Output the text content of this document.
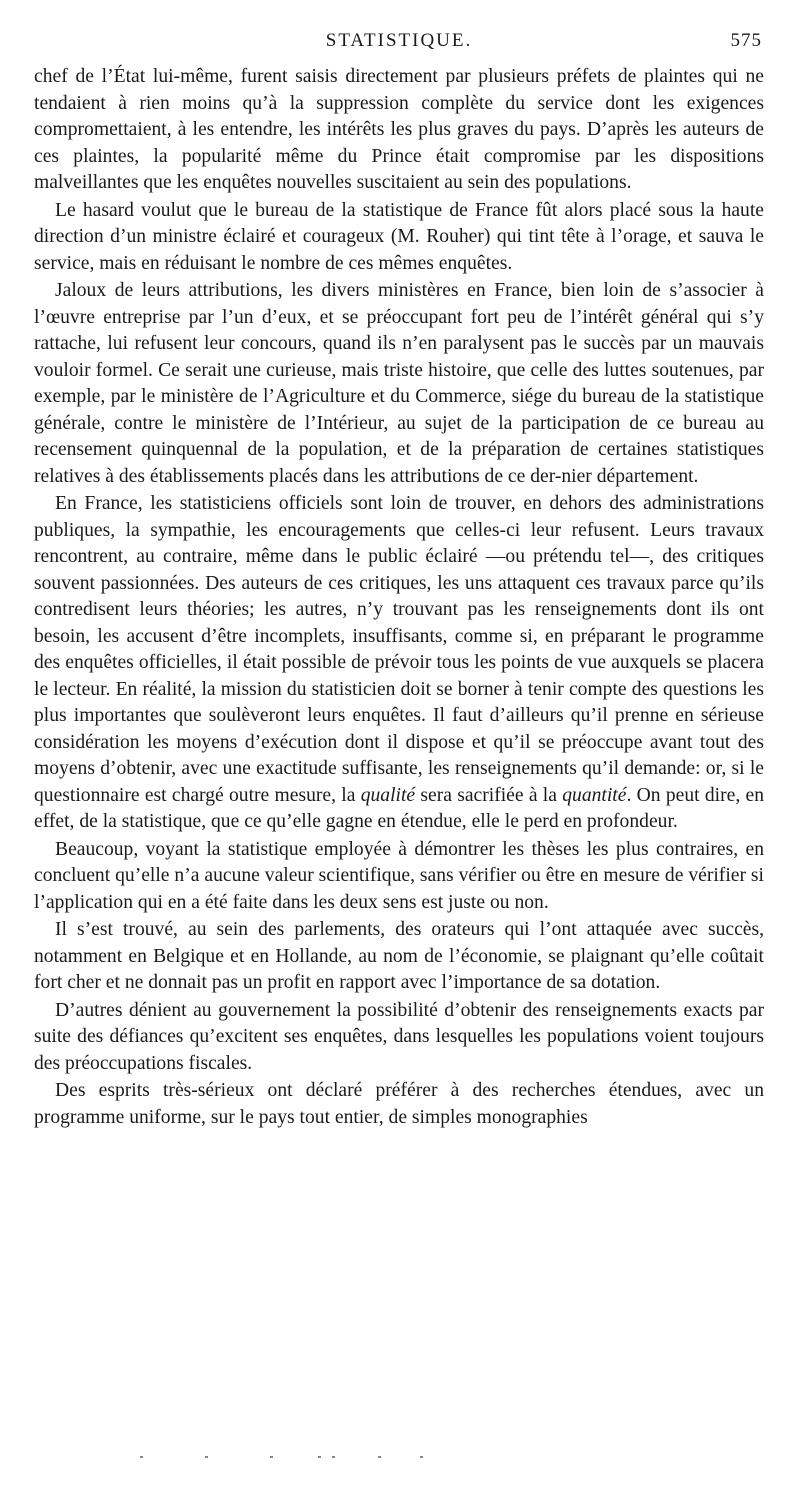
STATISTIQUE.	575

chef de l’État lui-même, furent saisis directement par plusieurs préfets de plaintes qui ne tendaient à rien moins qu’à la suppression complète du service dont les exigences compromettaient, à les entendre, les intérêts les plus graves du pays. D’après les auteurs de ces plaintes, la popularité même du Prince était compromise par les dispositions malveillantes que les enquêtes nouvelles suscitaient au sein des populations.

Le hasard voulut que le bureau de la statistique de France fût alors placé sous la haute direction d’un ministre éclairé et courageux (M. Rouher) qui tint tête à l’orage, et sauva le service, mais en réduisant le nombre de ces mêmes enquêtes.

Jaloux de leurs attributions, les divers ministères en France, bien loin de s’associer à l’œuvre entreprise par l’un d’eux, et se préoccupant fort peu de l’intérêt général qui s’y rattache, lui refusent leur concours, quand ils n’en paralysent pas le succès par un mauvais vouloir formel. Ce serait une curieuse, mais triste histoire, que celle des luttes soutenues, par exemple, par le ministère de l’Agriculture et du Commerce, siége du bureau de la statistique générale, contre le ministère de l’Intérieur, au sujet de la participation de ce bureau au recensement quinquennal de la population, et de la préparation de certaines statistiques relatives à des établissements placés dans les attributions de ce der-nier département.

En France, les statisticiens officiels sont loin de trouver, en dehors des administrations publiques, la sympathie, les encouragements que celles-ci leur refusent. Leurs travaux rencontrent, au contraire, même dans le public éclairé —ou prétendu tel—, des critiques souvent passionnées. Des auteurs de ces critiques, les uns attaquent ces travaux parce qu’ils contredisent leurs théories; les autres, n’y trouvant pas les renseignements dont ils ont besoin, les accusent d’être incomplets, insuffisants, comme si, en préparant le programme des enquêtes officielles, il était possible de prévoir tous les points de vue auxquels se placera le lecteur. En réalité, la mission du statisticien doit se borner à tenir compte des questions les plus importantes que soulèveront leurs enquêtes. Il faut d’ailleurs qu’il prenne en sérieuse considération les moyens d’exécution dont il dispose et qu’il se préoccupe avant tout des moyens d’obtenir, avec une exactitude suffisante, les renseignements qu’il demande: or, si le questionnaire est chargé outre mesure, la qualité sera sacrifiée à la quantité. On peut dire, en effet, de la statistique, que ce qu’elle gagne en étendue, elle le perd en profondeur.

Beaucoup, voyant la statistique employée à démontrer les thèses les plus contraires, en concluent qu’elle n’a aucune valeur scientifique, sans vérifier ou être en mesure de vérifier si l’application qui en a été faite dans les deux sens est juste ou non.

Il s’est trouvé, au sein des parlements, des orateurs qui l’ont attaquée avec succès, notamment en Belgique et en Hollande, au nom de l’économie, se plaignant qu’elle coûtait fort cher et ne donnait pas un profit en rapport avec l’importance de sa dotation.

D’autres dénient au gouvernement la possibilité d’obtenir des renseignements exacts par suite des défiances qu’excitent ses enquêtes, dans lesquelles les populations voient toujours des préoccupations fiscales.

Des esprits très-sérieux ont déclaré préférer à des recherches étendues, avec un programme uniforme, sur le pays tout entier, de simples monographies
